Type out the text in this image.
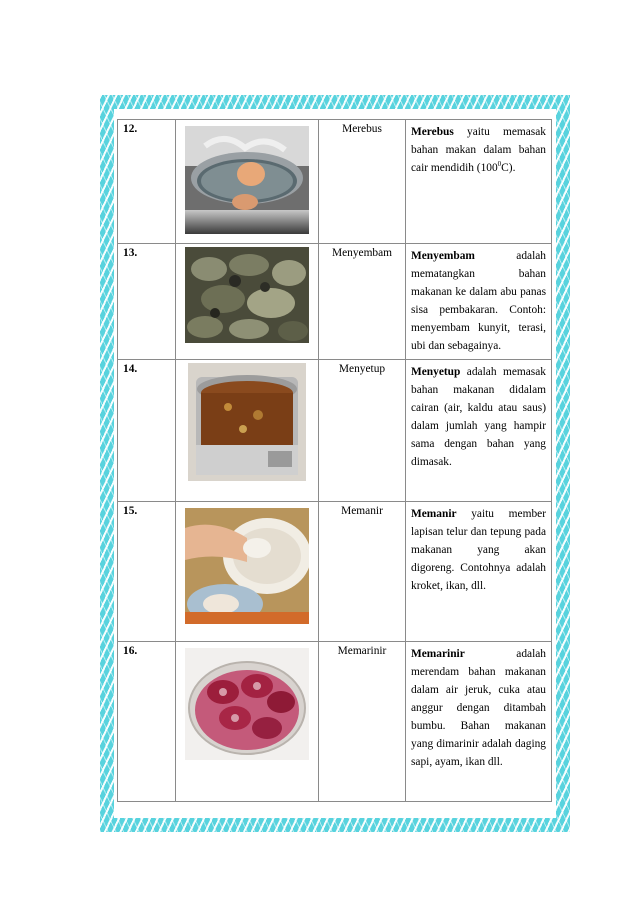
12.		Merebus	Merebus yaitu memasak bahan makan dalam bahan cair mendidih $(100^0C)$.
13.		Menyembam	Menyembam adalah mematangkan bahan makanan ke dalam abu panas sisa pembakaran. Contoh: menyembam kunyit, terasi, ubi dan sebagainya.
14.		Menyetup	Menyetup adalah memasak bahan makanan didalam cairan (air, kaldu atau saus) dalam jumlah yang hampir sama dengan bahan yang dimasak.
15.		Memanir	Memanir yaitu member lapisan telur dan tepung pada makanan yang akan digoreng. Contohnya adalah kroket, ikan, dll.
16.		Memarinir	Memarinir adalah merendam bahan makanan dalam air jeruk, cuka atau anggur dengan ditambah bumbu. Bahan makanan yang dimarinir adalah daging sapi, ayam, ikan dll.
